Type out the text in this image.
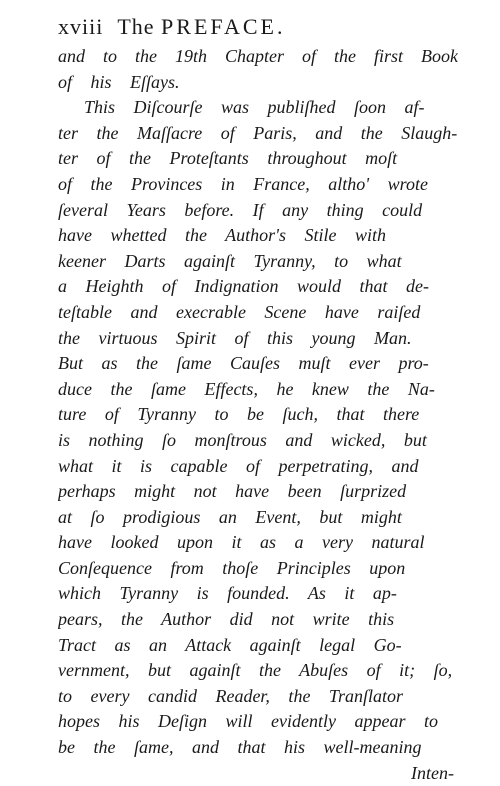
xviii The PREFACE.
and to the 19th Chapter of the first Book
of his Eſſays.
This Diſcourſe was publiſhed ſoon af-
ter the Maſſacre of Paris, and the Slaugh-
ter of the Proteſtants throughout moſt
of the Provinces in France, altho' wrote
ſeveral Years before. If any thing could
have whetted the Author's Stile with
keener Darts againſt Tyranny, to what
a Heighth of Indignation would that de-
teſtable and execrable Scene have raiſed
the virtuous Spirit of this young Man.
But as the ſame Cauſes muſt ever pro-
duce the ſame Effects, he knew the Na-
ture of Tyranny to be ſuch, that there
is nothing ſo monſtrous and wicked, but
what it is capable of perpetrating, and
perhaps might not have been ſurprized
at ſo prodigious an Event, but might
have looked upon it as a very natural
Conſequence from thoſe Principles upon
which Tyranny is founded. As it ap-
pears, the Author did not write this
Tract as an Attack againſt legal Go-
vernment, but againſt the Abuſes of it; ſo,
to every candid Reader, the Tranſlator
hopes his Deſign will evidently appear to
be the ſame, and that his well-meaning
Inten-
